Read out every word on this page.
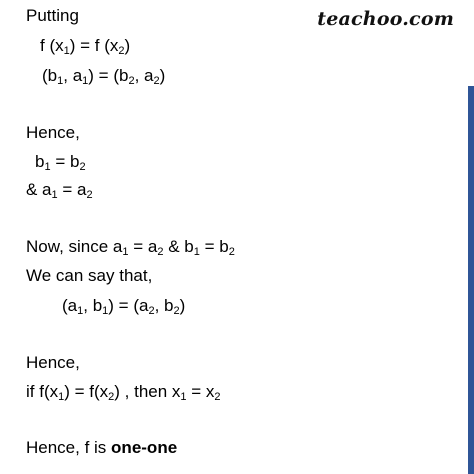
teachoo.com
Putting
f $(x_1) = f$ $(x_2)$
($b_1$, $a_1) = (b_2$, $a_2$)
Hence,
$b_1 = b_2$
& $a_1 = a_2$
Now, since $a_1 = a_2$ & $b_1 = b_2$
We can say that,
($a_1$, $b_1) = (a_2$, $b_2$)
Hence,
if $f(x_1) = f(x_2)$ , then $x_1 = x_2$
Hence, f is one-one
